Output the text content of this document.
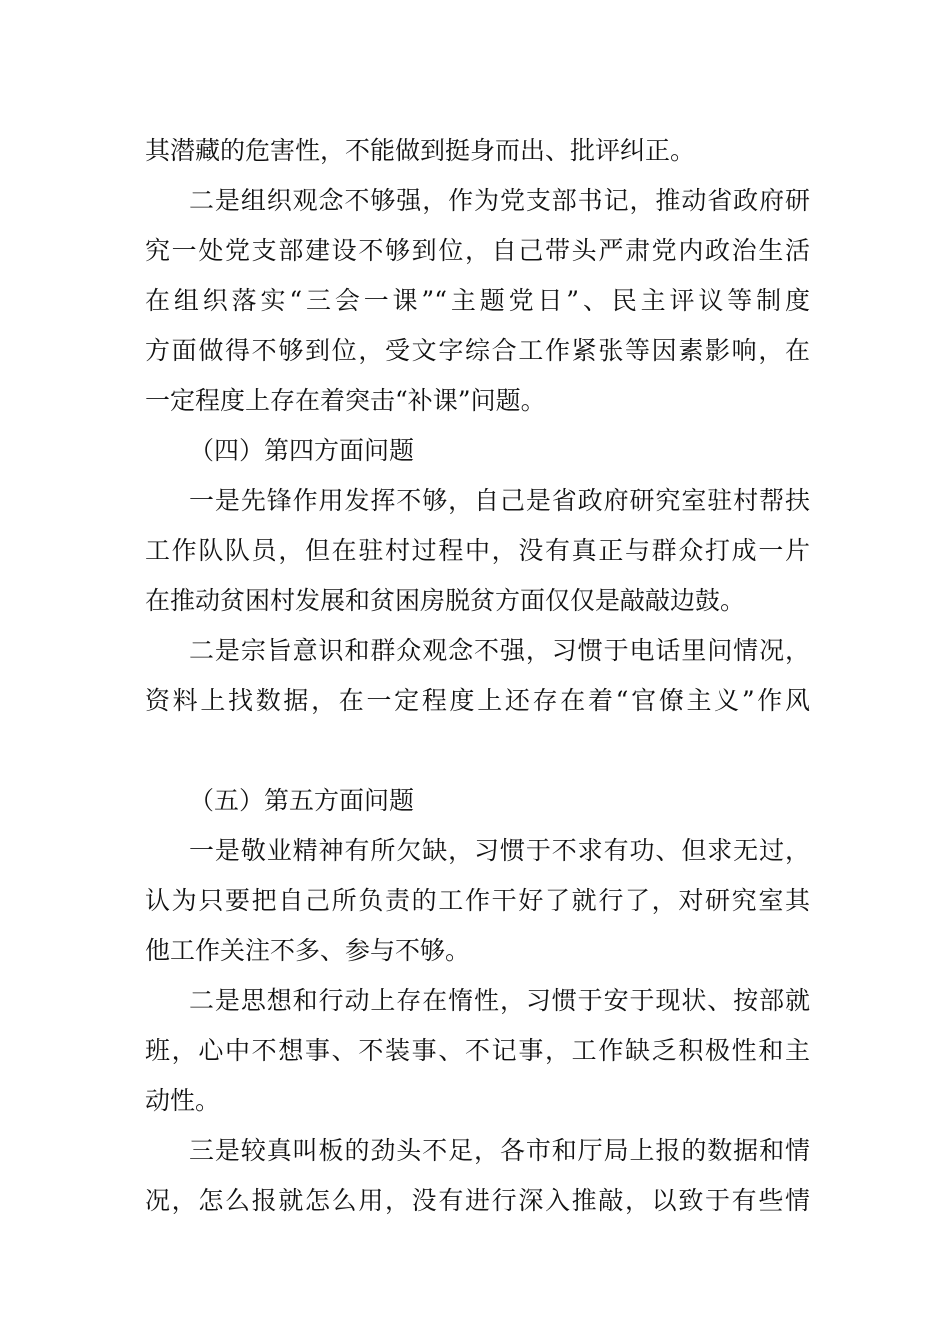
其潜藏的危害性，不能做到挺身而出、批评纠正。
二是组织观念不够强，作为党支部书记，推动省政府研
究一处党支部建设不够到位，自己带头严肃党内政治生活
在组织落实“三会一课”“主题党日”、民主评议等制度
方面做得不够到位，受文字综合工作紧张等因素影响，在
一定程度上存在着突击“补课”问题。
（四）第四方面问题
一是先锋作用发挥不够，自己是省政府研究室驻村帮扶
工作队队员，但在驻村过程中，没有真正与群众打成一片
在推动贫困村发展和贫困房脱贫方面仅仅是敲敲边鼓。
二是宗旨意识和群众观念不强，习惯于电话里问情况，
资料上找数据，在一定程度上还存在着“官僚主义”作风
（五）第五方面问题
一是敬业精神有所欠缺，习惯于不求有功、但求无过，
认为只要把自己所负责的工作干好了就行了，对研究室其
他工作关注不多、参与不够。
二是思想和行动上存在惰性，习惯于安于现状、按部就
班，心中不想事、不装事、不记事，工作缺乏积极性和主
动性。
三是较真叫板的劲头不足，各市和厅局上报的数据和情
况，怎么报就怎么用，没有进行深入推敲，以致于有些情
